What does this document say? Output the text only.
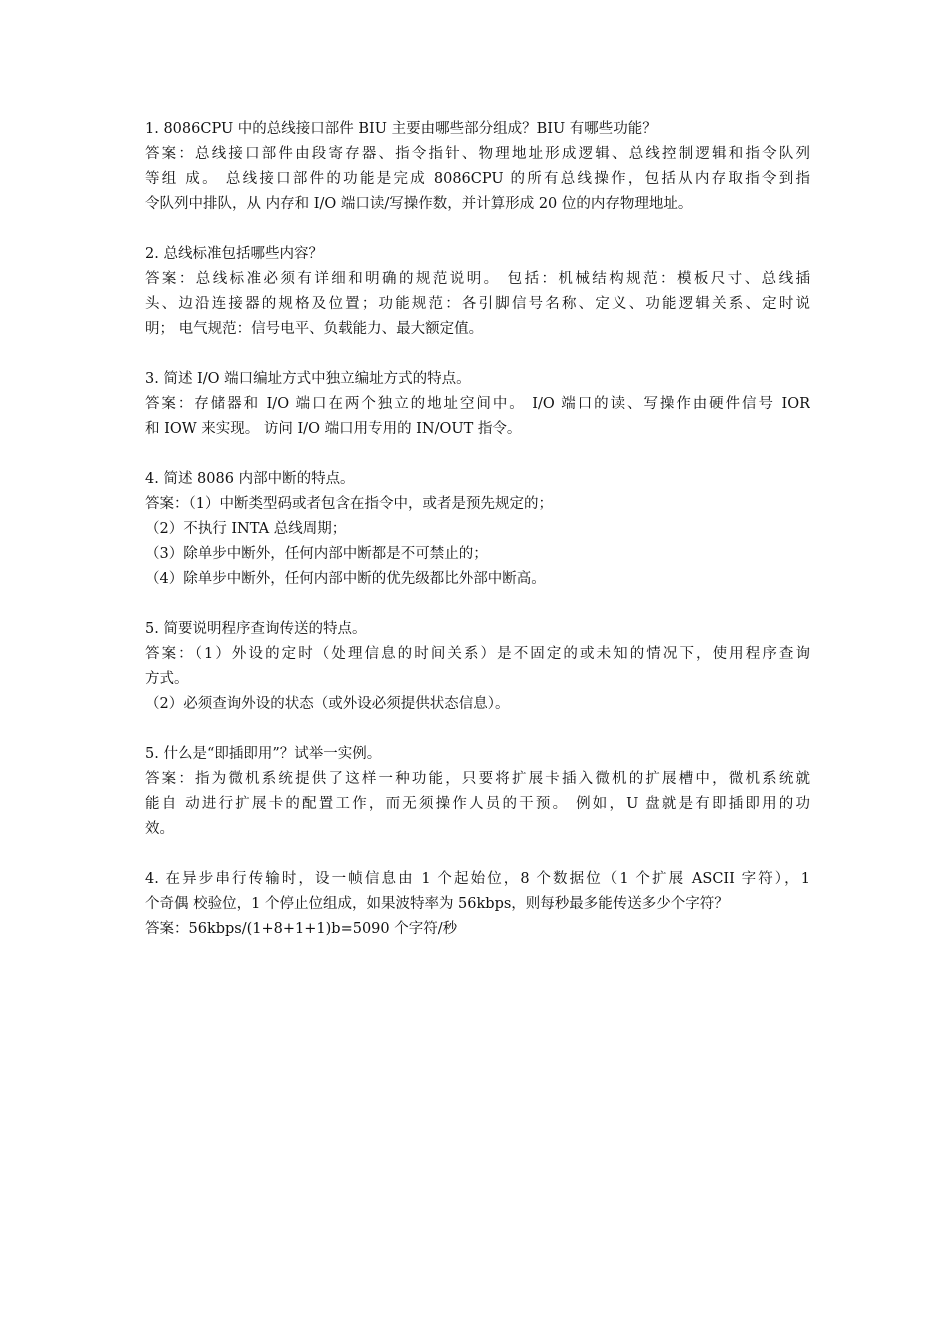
1. 8086CPU 中的总线接口部件 BIU 主要由哪些部分组成？BIU 有哪些功能？
答案：总线接口部件由段寄存器、指令指针、物理地址形成逻辑、总线控制逻辑和指令队列
等组 成。 总线接口部件的功能是完成 8086CPU 的所有总线操作，包括从内存取指令到指
令队列中排队，从 内存和 I/O 端口读/写操作数，并计算形成 20 位的内存物理地址。
2. 总线标准包括哪些内容？
答案：总线标准必须有详细和明确的规范说明。 包括：机械结构规范：模板尺寸、总线插
头、边沿连接器的规格及位置；功能规范：各引脚信号名称、定义、功能逻辑关系、定时说
明； 电气规范：信号电平、负载能力、最大额定值。
3. 简述 I/O 端口编址方式中独立编址方式的特点。
答案：存储器和 I/O 端口在两个独立的地址空间中。 I/O 端口的读、写操作由硬件信号 IOR
和 IOW 来实现。 访问 I/O 端口用专用的 IN/OUT 指令。
4. 简述 8086 内部中断的特点。
答案：（1）中断类型码或者包含在指令中，或者是预先规定的；
（2）不执行 INTA 总线周期；
（3）除单步中断外，任何内部中断都是不可禁止的；
（4）除单步中断外，任何内部中断的优先级都比外部中断高。
5. 简要说明程序查询传送的特点。
答案：（1）外设的定时（处理信息的时间关系）是不固定的或未知的情况下，使用程序查询
方式。
（2）必须查询外设的状态（或外设必须提供状态信息）。
5. 什么是“即插即用”？试举一实例。
答案：指为微机系统提供了这样一种功能，只要将扩展卡插入微机的扩展槽中，微机系统就
能自 动进行扩展卡的配置工作，而无须操作人员的干预。 例如，U 盘就是有即插即用的功
效。
4. 在异步串行传输时，设一帧信息由 1 个起始位，8 个数据位（1 个扩展 ASCII 字符），1
个奇偶 校验位，1 个停止位组成，如果波特率为 56kbps，则每秒最多能传送多少个字符？
答案：56kbps/(1+8+1+1)b=5090 个字符/秒
